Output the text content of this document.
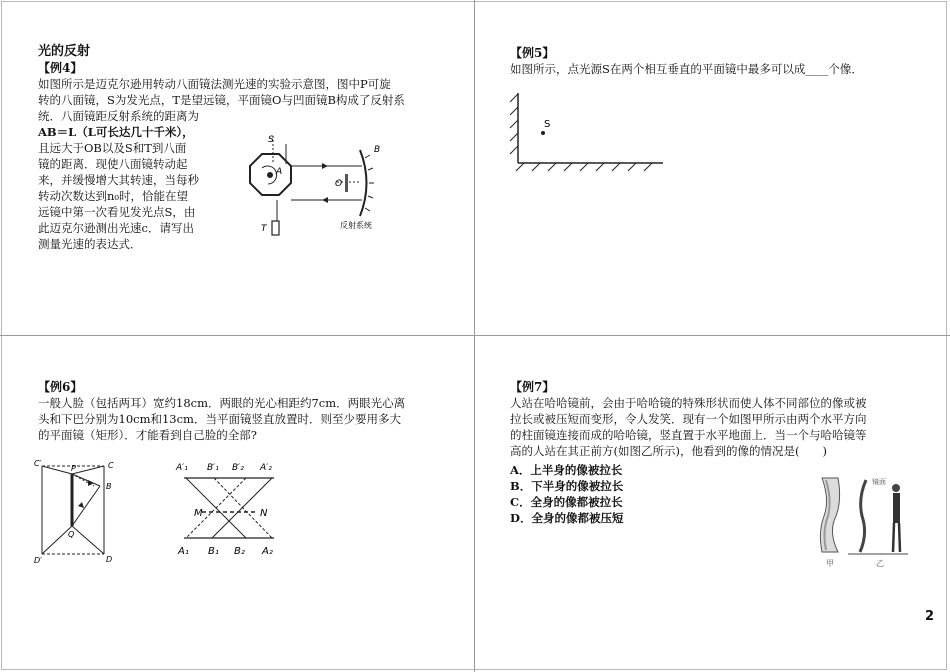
光的反射
【例4】
如图所示是迈克尔逊用转动八面镜法测光速的实验示意图，图中P可旋
转的八面镜，S为发光点，T是望远镜，平面镜O与凹面镜B构成了反射系
统．八面镜距反射系统的距离为
AB＝L（L可长达几十千米），
且远大于OB以及S和T到八面
镜的距离．现使八面镜转动起
来，并缓慢增大其转速，当每秒
转动次数达到n₀时，恰能在望
远镜中第一次看见发光点S，由
此迈克尔逊测出光速c．请写出
测量光速的表达式．
S
A
B
O
T	反射系统
【例5】
如图所示，点光源S在两个相互垂直的平面镜中最多可以成____个像．
S
【例6】
一般人脸（包括两耳）宽约18cm．两眼的光心相距约7cm．两眼光心离
头和下巴分别为10cm和13cm．当平面镜竖直放置时．则至少要用多大
的平面镜（矩形）．才能看到自己脸的全部?
C′
P	C
B
Q
D′	D
A′₁ B′₁ B′₂ A′₂
M	N
A₁ B₁ B₂ A₂
【例7】
人站在哈哈镜前，会由于哈哈镜的特殊形状而使人体不同部位的像或被
拉长或被压短而变形，令人发笑．现有一个如图甲所示由两个水平方向
的柱面镜连接而成的哈哈镜，竖直置于水平地面上．当一个与哈哈镜等
高的人站在其正前方(如图乙所示)，他看到的像的情况是(　　)
A．上半身的像被拉长
B．下半身的像被拉长
C．全身的像都被拉长
D．全身的像都被压短
镜面
甲	乙
2
